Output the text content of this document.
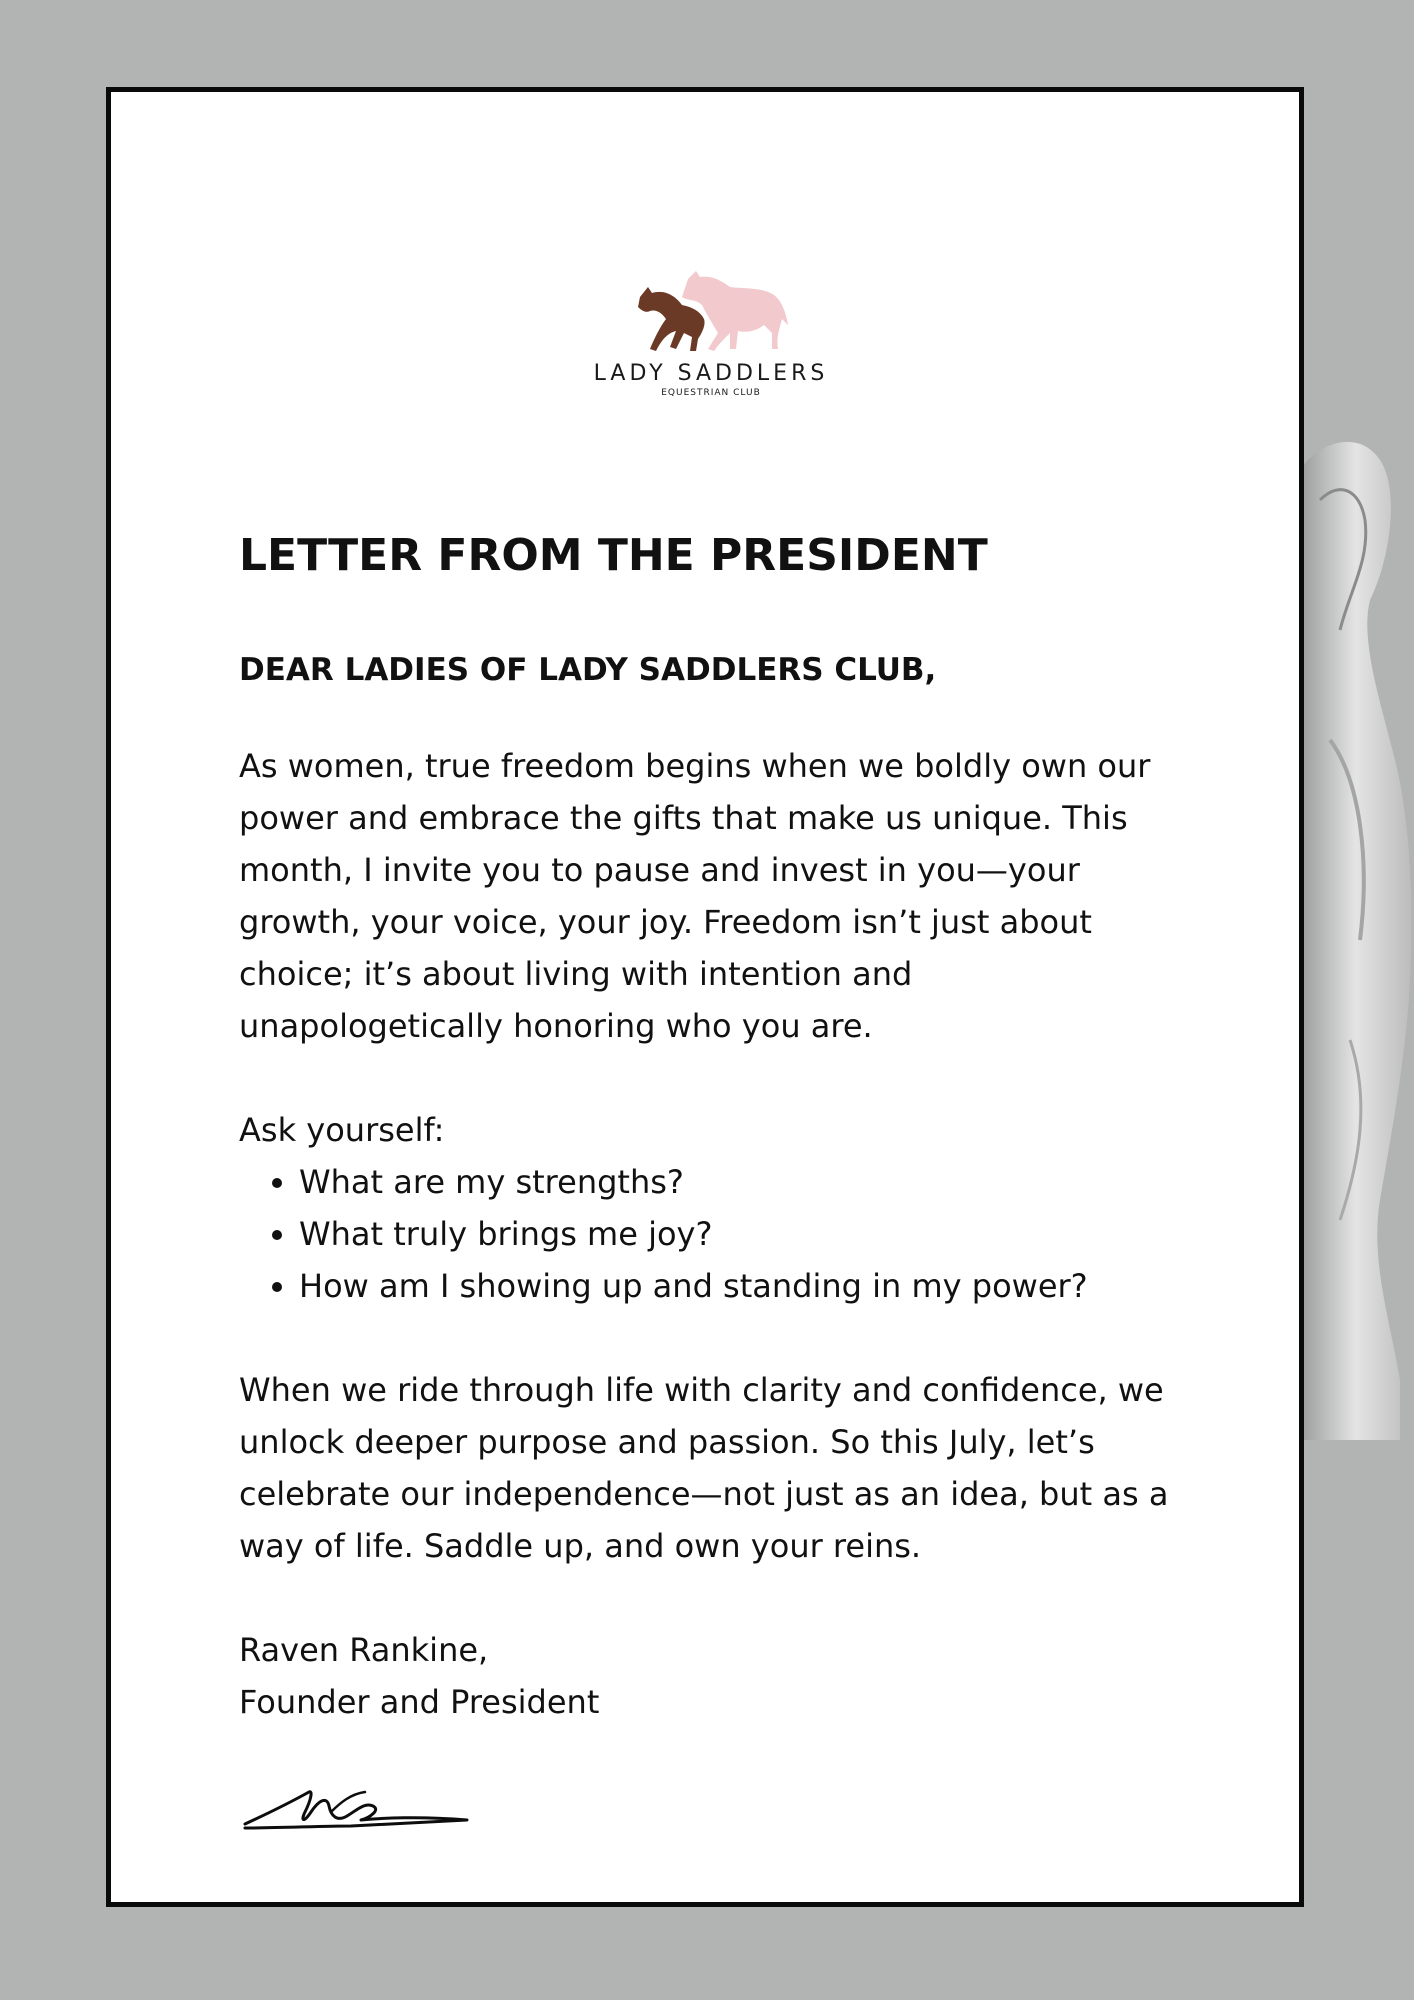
LADY SADDLERS
EQUESTRIAN CLUB
LETTER FROM THE PRESIDENT

DEAR LADIES OF LADY SADDLERS CLUB,

As women, true freedom begins when we boldly own our power and embrace the gifts that make us unique. This month, I invite you to pause and invest in you—your growth, your voice, your joy. Freedom isn’t just about choice; it’s about living with intention and unapologetically honoring who you are.

Ask yourself:

• What are my strengths?
• What truly brings me joy?
• How am I showing up and standing in my power?

When we ride through life with clarity and confidence, we unlock deeper purpose and passion. So this July, let’s celebrate our independence—not just as an idea, but as a way of life. Saddle up, and own your reins.

Raven Rankine,

Founder and President
